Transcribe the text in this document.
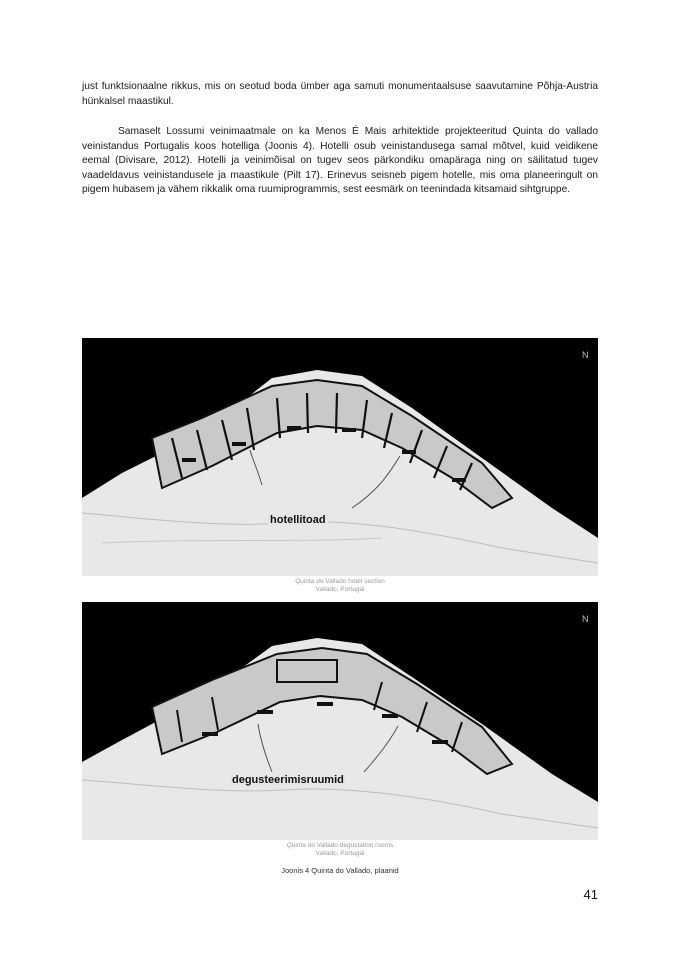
just funktsionaalne rikkus, mis on seotud boda ümber aga samuti monumentaalsuse saavutamine Põhja-Austria hünkalsel maastikul.

Samaselt Lossumi veinimaatmale on ka Menos É Mais arhitektide projekteeritud Quinta do vallado veinistandus Portugalis koos hotelliga (Joonis 4). Hotelli osub veinistandusega samal mõtvel, kuid veidikene eemal (Divisare, 2012). Hotelli ja veinimõisal on tugev seos pärkondiku omapäraga ning on säilitatud tugev vaadeldavus veinistandusele ja maastikule (Pilt 17). Erinevus seisneb pigem hotelle, mis oma planeeringult on pigem hubasem ja vähem rikkalik oma ruumiprogrammis, sest eesmärk on teenindada kitsamaid sihtgruppe.

hotellitoad
N
Quinta do Vallado hotel section
Vallado, Portugal
degusteerimisruumid
N
Quinta do Vallado degustation rooms
Vallado, Portugal
Joonis 4 Quinta do Vallado, plaanid
41
